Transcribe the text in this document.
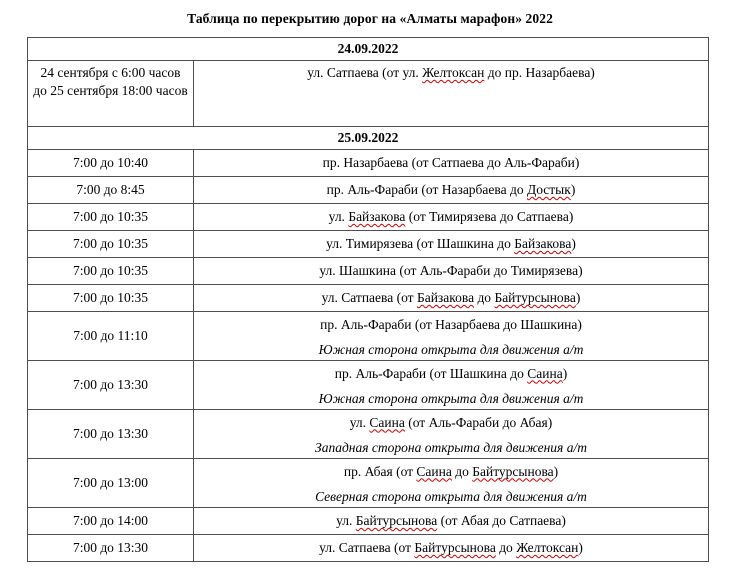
Таблица по перекрытию дорог на «Алматы марафон» 2022
24.09.2022	
24 сентября с 6:00 часов до 25 сентября 18:00 часов	ул. Сатпаева (от ул. Желтоксан до пр. Назарбаева)

25.09.2022	
7:00 до 10:40	пр. Назарбаева (от Сатпаева до Аль-Фараби)

7:00 до 8:45	пр. Аль-Фараби (от Назарбаева до Достык)

7:00 до 10:35	ул. Байзакова (от Тимирязева до Сатпаева)

7:00 до 10:35	ул. Тимирязева (от Шашкина до Байзакова)

7:00 до 10:35	ул. Шашкина (от Аль-Фараби до Тимирязева)

7:00 до 10:35	ул. Сатпаева (от Байзакова до Байтурсынова)

7:00 до 11:10	пр. Аль-Фараби (от Назарбаева до Шашкина)
Южная сторона открыта для движения а/т

7:00 до 13:30	пр. Аль-Фараби (от Шашкина до Саина)
Южная сторона открыта для движения а/т

7:00 до 13:30	ул. Саина (от Аль-Фараби до Абая)
Западная сторона открыта для движения а/т

7:00 до 13:00	пр. Абая (от Саина до Байтурсынова)
Северная сторона открыта для движения а/т

7:00 до 14:00	ул. Байтурсынова (от Абая до Сатпаева)

7:00 до 13:30	ул. Сатпаева (от Байтурсынова до Желтоксан)
